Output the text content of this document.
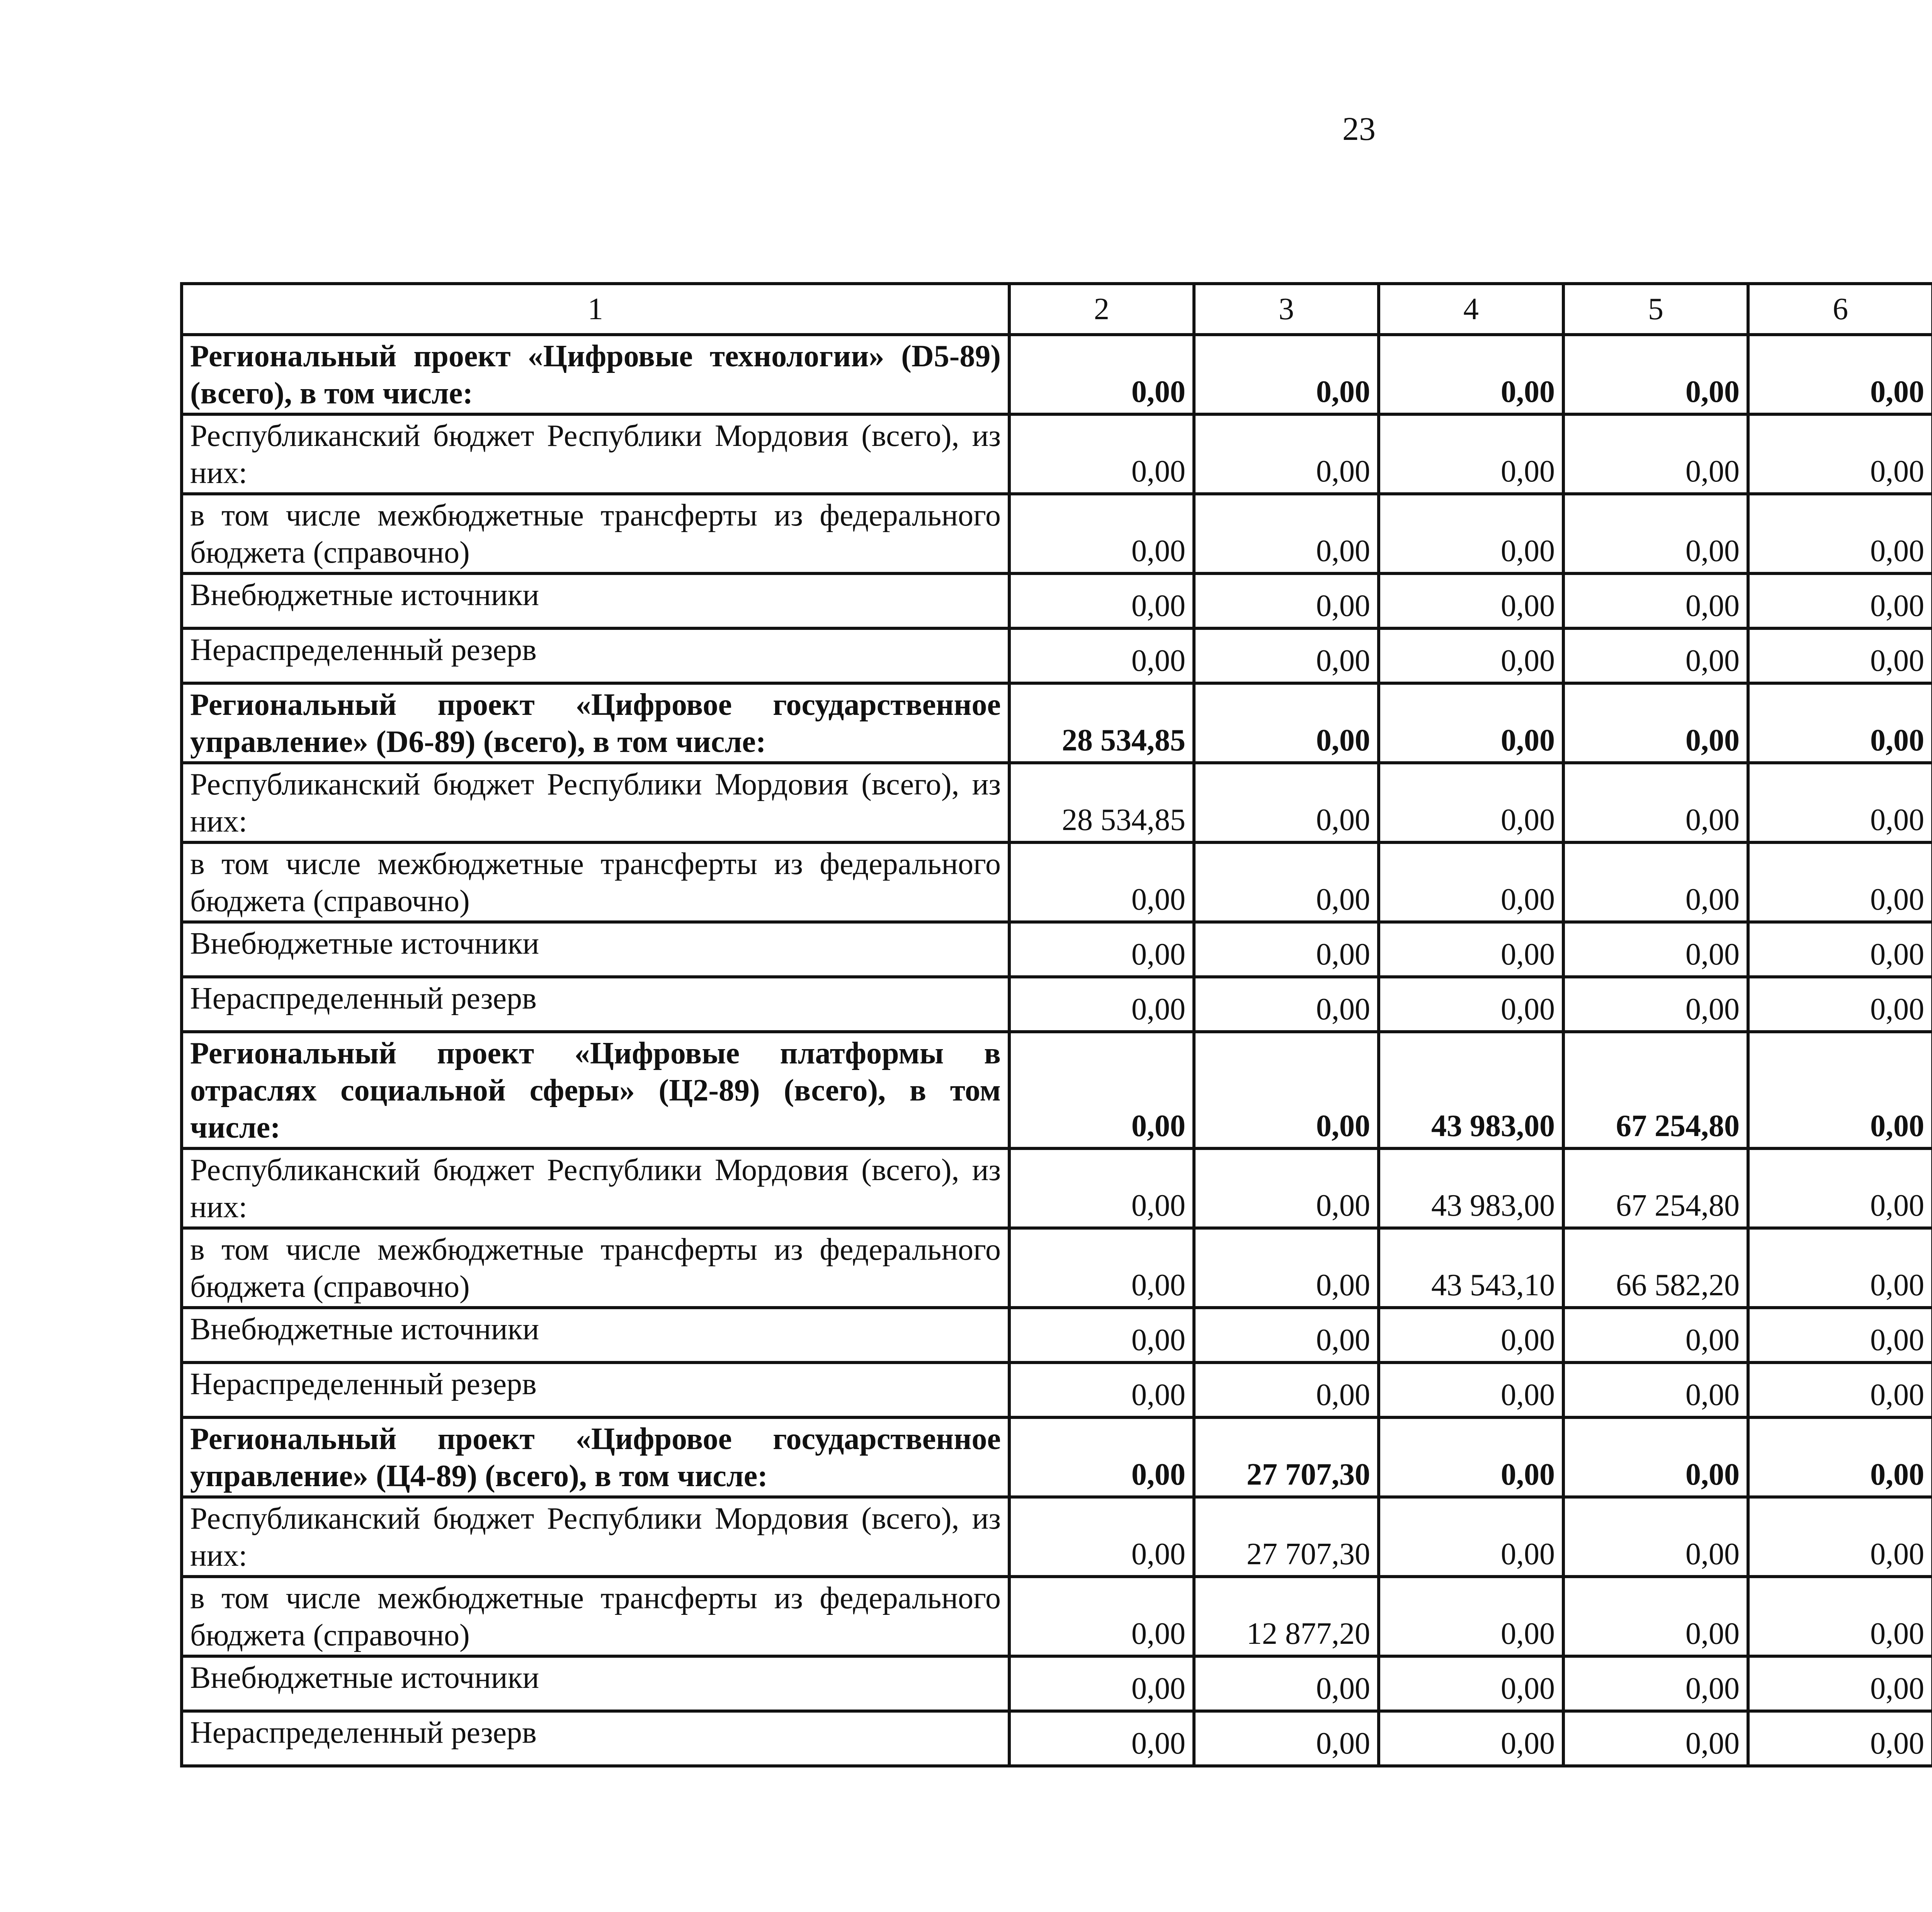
23
1	2	3	4	5	6			
Региональный проект «Цифровые технологии» (D5-89) (всего), в том числе:	0,00	0,00	0,00	0,00	0,00			
Республиканский бюджет Республики Мордовия (всего), из них:	0,00	0,00	0,00	0,00	0,00			
в том числе межбюджетные трансферты из федерального бюджета (справочно)	0,00	0,00	0,00	0,00	0,00			
Внебюджетные источники	0,00	0,00	0,00	0,00	0,00			
Нераспределенный резерв	0,00	0,00	0,00	0,00	0,00			
Региональный проект «Цифровое государственное управление» (D6-89) (всего), в том числе:	28 534,85	0,00	0,00	0,00	0,00			
Республиканский бюджет Республики Мордовия (всего), из них:	28 534,85	0,00	0,00	0,00	0,00			
в том числе межбюджетные трансферты из федерального бюджета (справочно)	0,00	0,00	0,00	0,00	0,00			
Внебюджетные источники	0,00	0,00	0,00	0,00	0,00			
Нераспределенный резерв	0,00	0,00	0,00	0,00	0,00			
Региональный проект «Цифровые платформы в отраслях социальной сферы» (Ц2-89) (всего), в том числе:	0,00	0,00	43 983,00	67 254,80	0,00			
Республиканский бюджет Республики Мордовия (всего), из них:	0,00	0,00	43 983,00	67 254,80	0,00			
в том числе межбюджетные трансферты из федерального бюджета (справочно)	0,00	0,00	43 543,10	66 582,20	0,00			
Внебюджетные источники	0,00	0,00	0,00	0,00	0,00			
Нераспределенный резерв	0,00	0,00	0,00	0,00	0,00			
Региональный проект «Цифровое государственное управление» (Ц4-89) (всего), в том числе:	0,00	27 707,30	0,00	0,00	0,00			
Республиканский бюджет Республики Мордовия (всего), из них:	0,00	27 707,30	0,00	0,00	0,00			
в том числе межбюджетные трансферты из федерального бюджета (справочно)	0,00	12 877,20	0,00	0,00	0,00			
Внебюджетные источники	0,00	0,00	0,00	0,00	0,00			
Нераспределенный резерв	0,00	0,00	0,00	0,00	0,00			
